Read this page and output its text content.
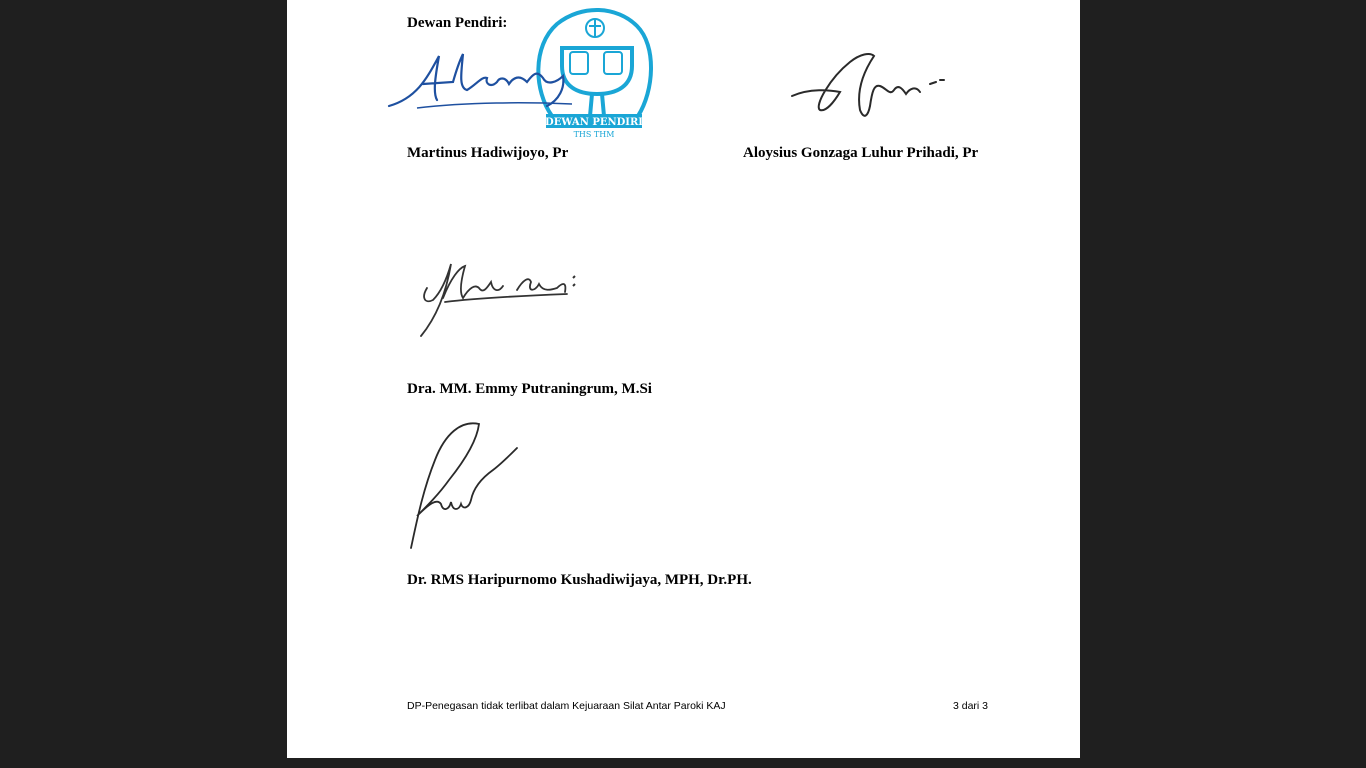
Dewan Pendiri:
DEWAN PENDIRI
THS THM
Martinus Hadiwijoyo, Pr	Aloysius Gonzaga Luhur Prihadi, Pr
Dra. MM. Emmy Putraningrum, M.Si
Dr. RMS Haripurnomo Kushadiwijaya, MPH, Dr.PH.
DP-Penegasan tidak terlibat dalam Kejuaraan Silat Antar Paroki KAJ	3 dari 3
